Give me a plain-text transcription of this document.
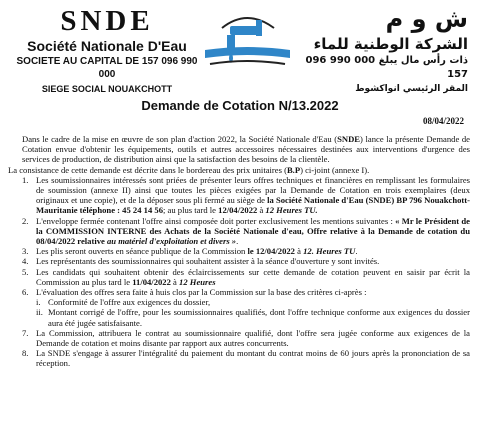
SNDE
Société Nationale D'Eau
SOCIETE AU CAPITAL DE 157 096 990 000
SIEGE SOCIAL NOUAKCHOTT
ش و م
الشركة الوطنية للماء
ذات رأس مال يبلغ 000 990 096 157
المقر الرئيسي انواكشوط
Demande de Cotation N/13.2022
08/04/2022

Dans le cadre de la mise en œuvre de son plan d'action 2022, la Société Nationale d'Eau (SNDE) lance la présente Demande de Cotation envue d'obtenir les équipements, outils et autres accessoires nécessaires destinées aux interventions d'urgence des services de production, de distribution ainsi que la satisfaction des besoins de la clientèle.

La consistance de cette demande est décrite dans le bordereau des prix unitaires (B.P) ci-joint (annexe I).

1. Les soumissionnaires intéressés sont priées de présenter leurs offres techniques et financières en remplissant les formulaires de soumission (annexe II) ainsi que toutes les pièces exigées par la Demande de Cotation en trois exemplaires (deux originaux et une copie), et de la déposer sous pli fermé au siège de la Société Nationale d'Eau (SNDE) BP 796 Nouakchott- Mauritanie téléphone : 45 24 14 56; au plus tard le 12/04/2022 à 12 Heures TU.
2. L'enveloppe fermée contenant l'offre ainsi composée doit porter exclusivement les mentions suivantes : « Mr le Président de la COMMISSION INTERNE des Achats de la Société Nationale d'eau, Offre relative à la Demande de cotation du 08/04/2022 relative au matériel d'exploitation et divers ».
3. Les plis seront ouverts en séance publique de la Commission le 12/04/2022 à 12. Heures TU.
4. Les représentants des soumissionnaires qui souhaitent assister à la séance d'ouverture y sont invités.
5. Les candidats qui souhaitent obtenir des éclaircissements sur cette demande de cotation peuvent en saisir par écrit la Commission au plus tard le 11/04/2022 à 12 Heures
6. L'évaluation des offres sera faite à huis clos par la Commission sur la base des critères ci-après :
i. Conformité de l'offre aux exigences du dossier,
ii. Montant corrigé de l'offre, pour les soumissionnaires qualifiés, dont l'offre technique conforme aux exigences du dossier aura été jugée satisfaisante.
7. La Commission, attribuera le contrat au soumissionnaire qualifié, dont l'offre sera jugée conforme aux exigences de la Demande de cotation et moins disante par rapport aux autres concurrents.
8. La SNDE s'engage à assurer l'intégralité du paiement du montant du contrat moins de 60 jours après la prononciation de sa réception.
